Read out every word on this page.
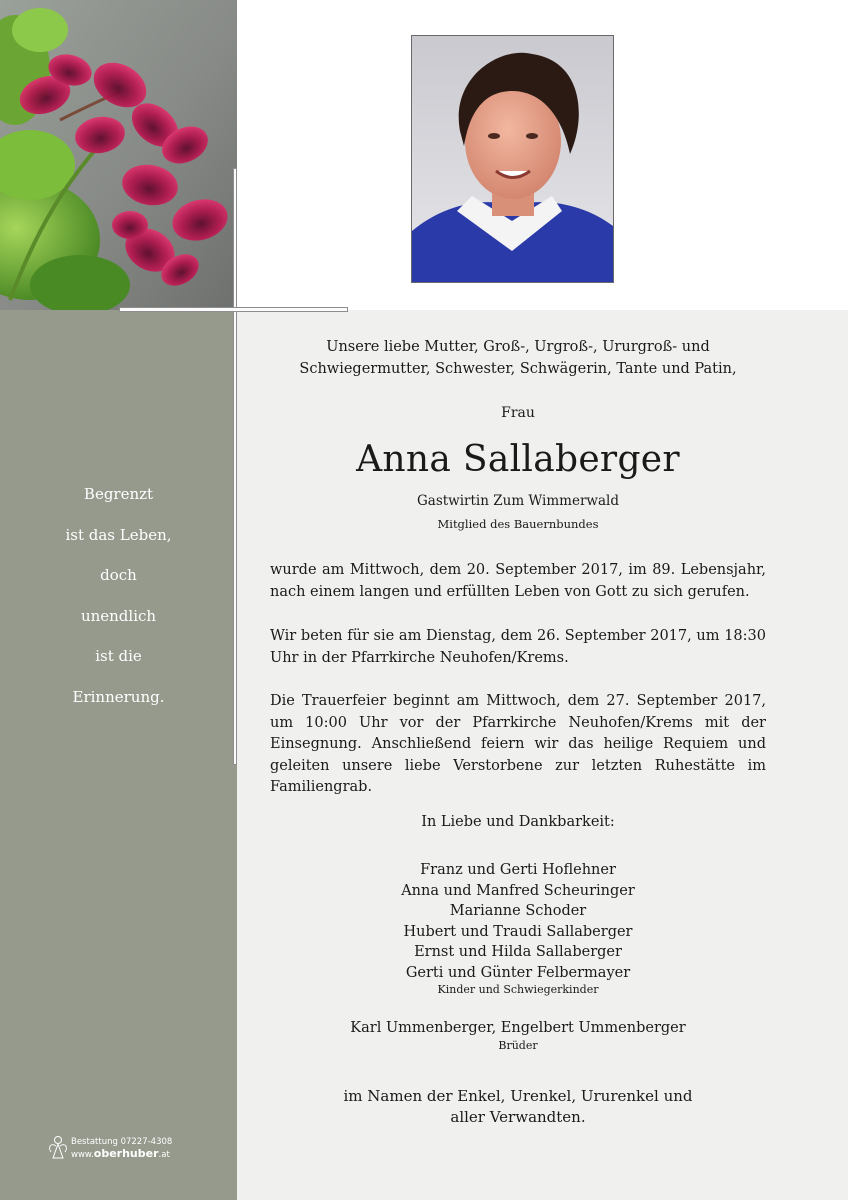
Begrenzt
ist das Leben,
doch
unendlich
ist die
Erinnerung.
Unsere liebe Mutter, Groß-, Urgroß-, Ururgroß- und
Schwiegermutter, Schwester, Schwägerin, Tante und Patin,
Frau
Anna Sallaberger
Gastwirtin Zum Wimmerwald
Mitglied des Bauernbundes

wurde am Mittwoch, dem 20. September 2017, im 89. Lebensjahr, nach einem langen und erfüllten Leben von Gott zu sich gerufen.

Wir beten für sie am Dienstag, dem 26. September 2017, um 18:30 Uhr in der Pfarrkirche Neuhofen/Krems.

Die Trauerfeier beginnt am Mittwoch, dem 27. September 2017, um 10:00 Uhr vor der Pfarrkirche Neuhofen/Krems mit der Einsegnung. Anschließend feiern wir das heilige Requiem und geleiten unsere liebe Verstorbene zur letzten Ruhestätte im Familiengrab.

In Liebe und Dankbarkeit:
Franz und Gerti Hoflehner
Anna und Manfred Scheuringer
Marianne Schoder
Hubert und Traudi Sallaberger
Ernst und Hilda Sallaberger
Gerti und Günter Felbermayer
Kinder und Schwiegerkinder
Karl Ummenberger, Engelbert Ummenberger
Brüder
im Namen der Enkel, Urenkel, Ururenkel und
aller Verwandten.
Bestattung 07227-4308
www.oberhuber.at
